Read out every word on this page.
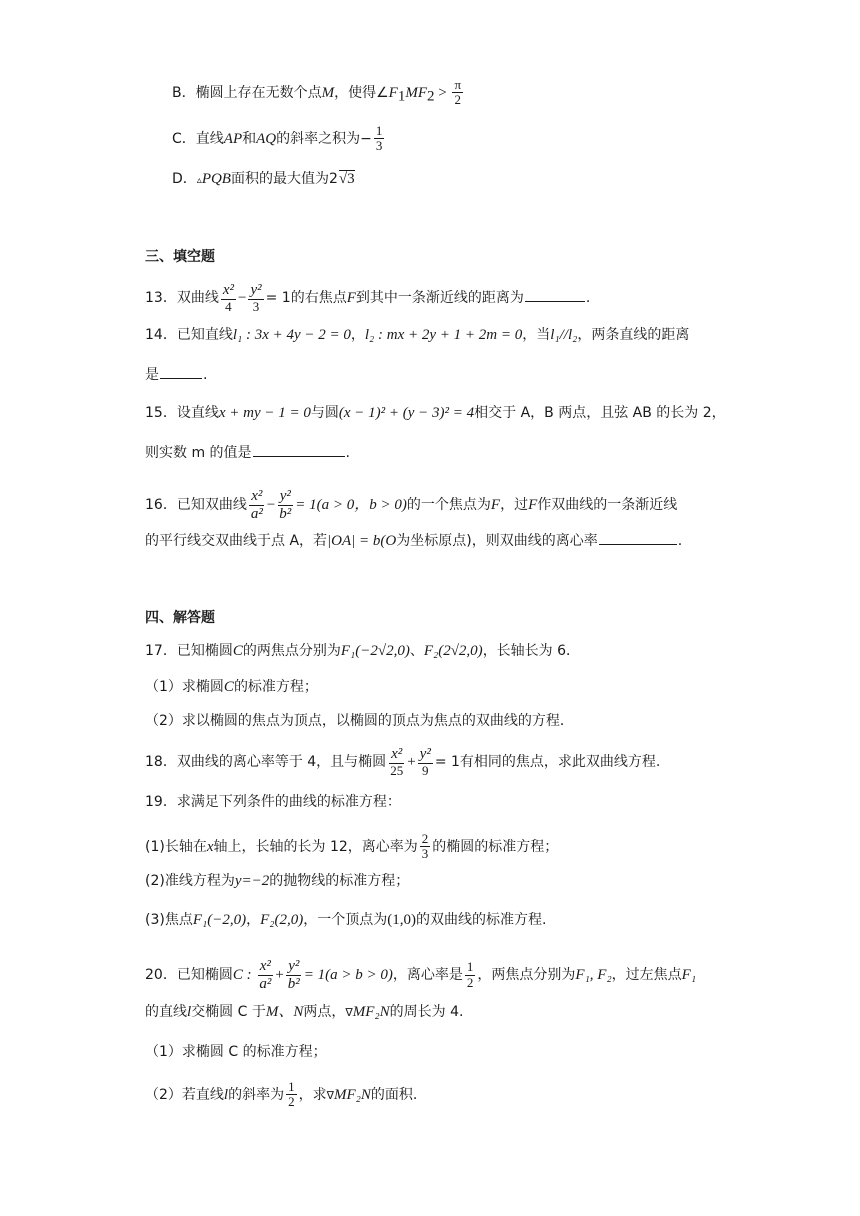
B．椭圆上存在无数个点M，使得$\angle F_1MF_2 > \frac{\pi}{2}$
C．直线AP和AQ的斜率之积为− $\frac{1}{3}$
D．▵PQB面积的最大值为2√3
三、填空题
13．双曲线 $\frac{\text{x²}}{4} - \frac{\text{y²}}{3} = 1$的右焦点F到其中一条渐近线的距离为	.
14．已知直线l₁ : 3x + 4y − 2 = 0，l₂ : mx + 2y + 1 + 2m = 0，当l₁//l₂，两条直线的距离
是	.
15．设直线x + my − 1 = 0与圆(x − 1)² + (y − 3)² = 4相交于 A，B 两点，且弦 AB 的长为 2，
则实数 m 的值是	.
16．已知双曲线 $\frac{\text{x²}}{\text{a²}} - \frac{\text{y²}}{\text{b²}} = 1(a > 0$，b > 0)的一个焦点为F，过F作双曲线的一条渐近线
的平行线交双曲线于点 A，若|OA| = b(O为坐标原点)，则双曲线的离心率	.
四、解答题
17．已知椭圆C的两焦点分别为F₁(−2√2,0)、F₂(2√2,0)，长轴长为 6．
（1）求椭圆C的标准方程；
（2）求以椭圆的焦点为顶点，以椭圆的顶点为焦点的双曲线的方程．
18．双曲线的离心率等于 4，且与椭圆 $\frac{\text{x²}}{25} + \frac{\text{y²}}{9} = 1$有相同的焦点，求此双曲线方程.
19．求满足下列条件的曲线的标准方程：
(1)长轴在x轴上，长轴的长为 12，离心率为 $\frac{2}{3}$ 的椭圆的标准方程；
(2)准线方程为y=−2的抛物线的标准方程；
(3)焦点F₁(−2,0)，F₂(2,0)，一个顶点为(1,0)的双曲线的标准方程.
20．已知椭圆C : $\frac{\text{x²}}{\text{a²}} + \frac{\text{y²}}{\text{b²}} = 1(a > b > 0)$，离心率是 $\frac{1}{2}$ ，两焦点分别为F₁, F₂，过左焦点F₁
的直线l交椭圆 C 于M、N两点，∇MF₂N的周长为 4.
（1）求椭圆 C 的标准方程；
（2）若直线l的斜率为 $\frac{1}{2}$ ，求∇MF₂N的面积.
